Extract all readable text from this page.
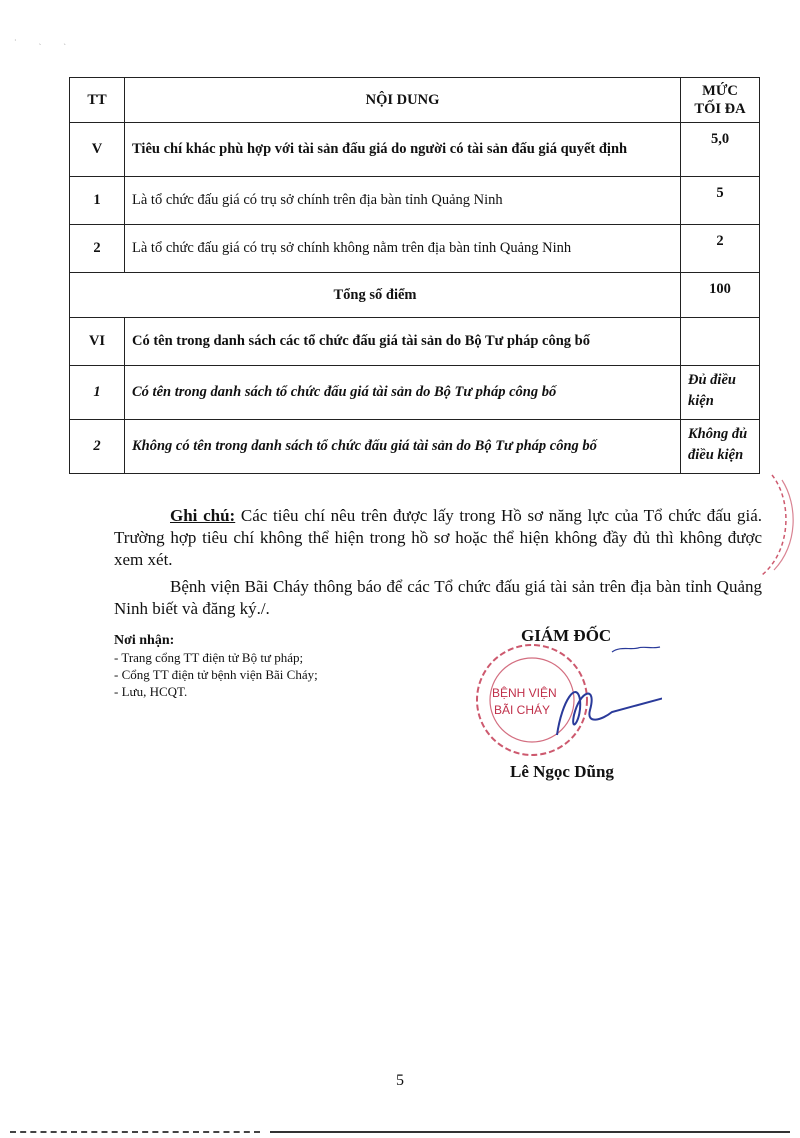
· ˏ ˏ
TT	NỘI DUNG	MỨC
TỐI ĐA
V	Tiêu chí khác phù hợp với tài sản đấu giá do người có tài sản đấu giá quyết định	5,0
1	Là tổ chức đấu giá có trụ sở chính trên địa bàn tỉnh Quảng Ninh	5
2	Là tổ chức đấu giá có trụ sở chính không nằm trên địa bàn tỉnh Quảng Ninh	2
Tổng số điểm		100
VI	Có tên trong danh sách các tổ chức đấu giá tài sản do Bộ Tư pháp công bố	
1	Có tên trong danh sách tổ chức đấu giá tài sản do Bộ Tư pháp công bố	Đủ điều kiện
2	Không có tên trong danh sách tổ chức đấu giá tài sản do Bộ Tư pháp công bố	Không đủ điều kiện
Ghi chú: Các tiêu chí nêu trên được lấy trong Hồ sơ năng lực của Tổ chức đấu giá. Trường hợp tiêu chí không thể hiện trong hồ sơ hoặc thể hiện không đầy đủ thì không được xem xét.
Bệnh viện Bãi Cháy thông báo để các Tổ chức đấu giá tài sản trên địa bàn tỉnh Quảng Ninh biết và đăng ký./.
Nơi nhận:
- Trang cổng TT điện tử Bộ tư pháp;
- Cổng TT điện tử bệnh viện Bãi Cháy;
- Lưu, HCQT.
GIÁM ĐỐC
BỆNH VIỆN
BÃI CHÁY
Lê Ngọc Dũng
5
